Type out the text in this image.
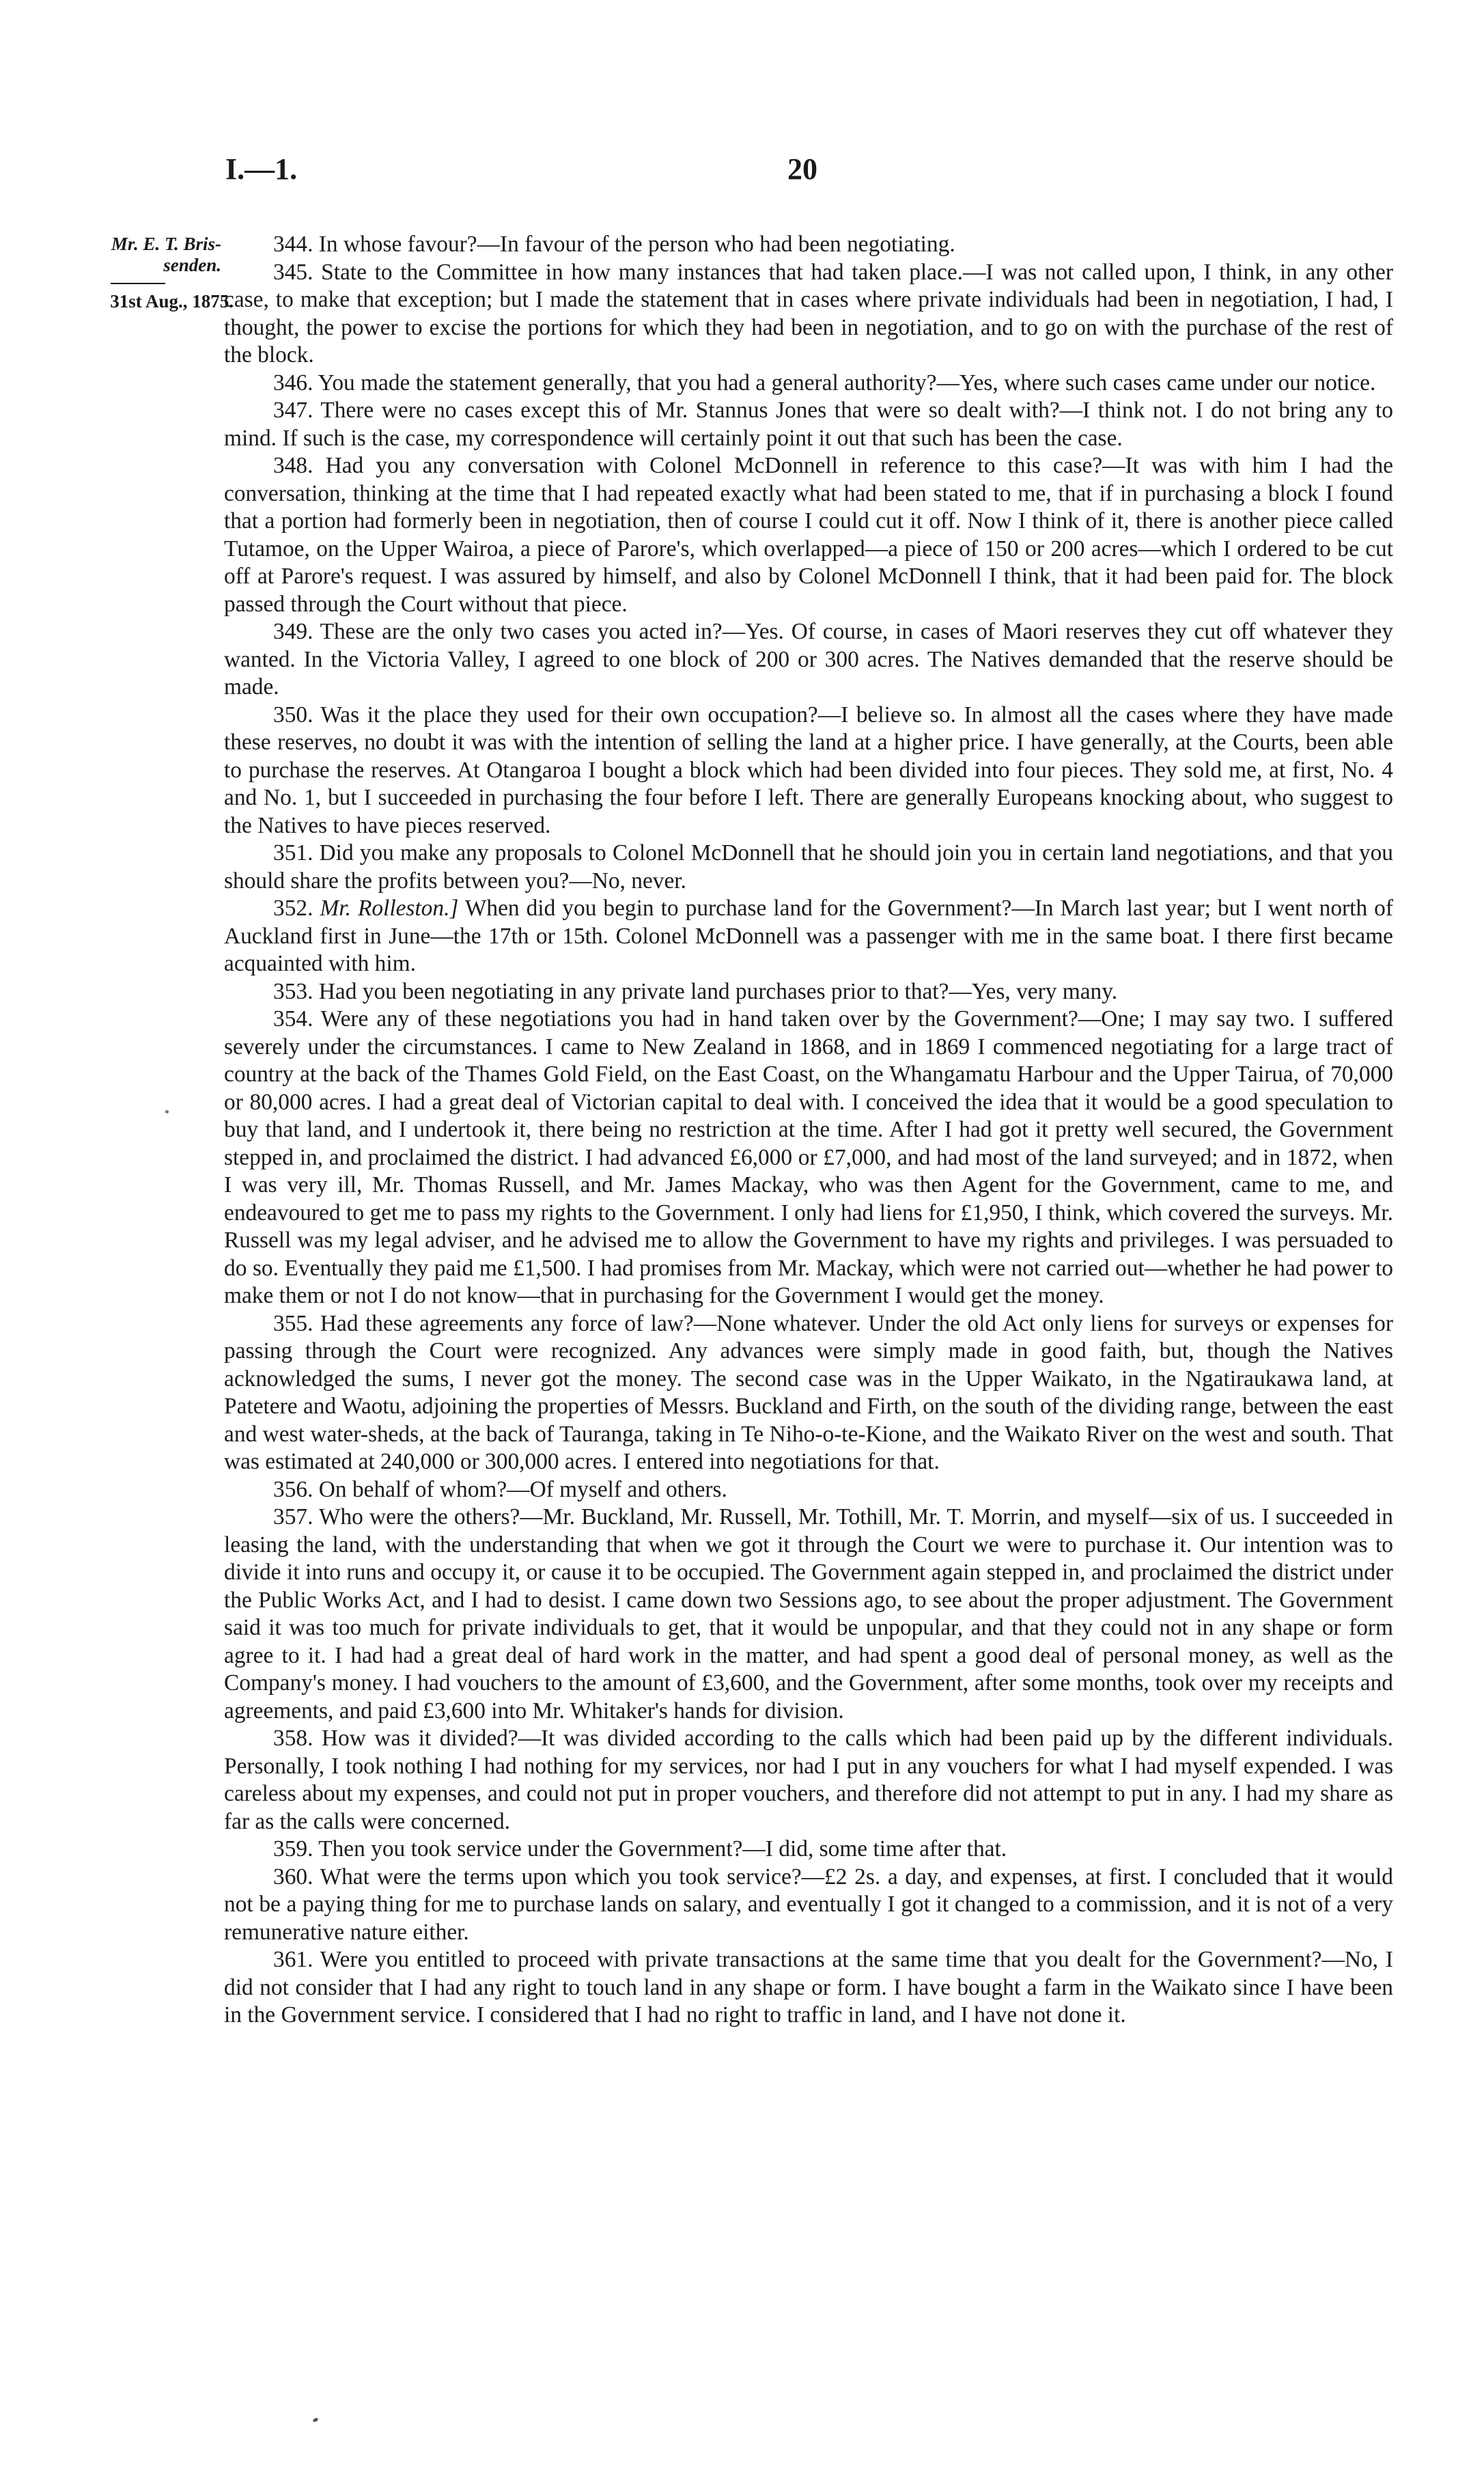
I.—1.	20
Mr. E. T. Bris-
senden.
31st Aug., 1875.

344. In whose favour?—In favour of the person who had been negotiating.

345. State to the Committee in how many instances that had taken place.—I was not called upon, I think, in any other case, to make that exception; but I made the statement that in cases where private individuals had been in negotiation, I had, I thought, the power to excise the portions for which they had been in negotiation, and to go on with the purchase of the rest of the block.

346. You made the statement generally, that you had a general authority?—Yes, where such cases came under our notice.

347. There were no cases except this of Mr. Stannus Jones that were so dealt with?—I think not. I do not bring any to mind. If such is the case, my correspondence will certainly point it out that such has been the case.

348. Had you any conversation with Colonel McDonnell in reference to this case?—It was with him I had the conversation, thinking at the time that I had repeated exactly what had been stated to me, that if in purchasing a block I found that a portion had formerly been in negotiation, then of course I could cut it off. Now I think of it, there is another piece called Tutamoe, on the Upper Wairoa, a piece of Parore's, which overlapped—a piece of 150 or 200 acres—which I ordered to be cut off at Parore's request. I was assured by himself, and also by Colonel McDonnell I think, that it had been paid for. The block passed through the Court without that piece.

349. These are the only two cases you acted in?—Yes. Of course, in cases of Maori reserves they cut off whatever they wanted. In the Victoria Valley, I agreed to one block of 200 or 300 acres. The Natives demanded that the reserve should be made.

350. Was it the place they used for their own occupation?—I believe so. In almost all the cases where they have made these reserves, no doubt it was with the intention of selling the land at a higher price. I have generally, at the Courts, been able to purchase the reserves. At Otangaroa I bought a block which had been divided into four pieces. They sold me, at first, No. 4 and No. 1, but I succeeded in purchasing the four before I left. There are generally Europeans knocking about, who suggest to the Natives to have pieces reserved.

351. Did you make any proposals to Colonel McDonnell that he should join you in certain land negotiations, and that you should share the profits between you?—No, never.

352. Mr. Rolleston.] When did you begin to purchase land for the Government?—In March last year; but I went north of Auckland first in June—the 17th or 15th. Colonel McDonnell was a passenger with me in the same boat. I there first became acquainted with him.

353. Had you been negotiating in any private land purchases prior to that?—Yes, very many.

354. Were any of these negotiations you had in hand taken over by the Government?—One; I may say two. I suffered severely under the circumstances. I came to New Zealand in 1868, and in 1869 I commenced negotiating for a large tract of country at the back of the Thames Gold Field, on the East Coast, on the Whangamatu Harbour and the Upper Tairua, of 70,000 or 80,000 acres. I had a great deal of Victorian capital to deal with. I conceived the idea that it would be a good speculation to buy that land, and I undertook it, there being no restriction at the time. After I had got it pretty well secured, the Government stepped in, and proclaimed the district. I had advanced £6,000 or £7,000, and had most of the land surveyed; and in 1872, when I was very ill, Mr. Thomas Russell, and Mr. James Mackay, who was then Agent for the Government, came to me, and endeavoured to get me to pass my rights to the Government. I only had liens for £1,950, I think, which covered the surveys. Mr. Russell was my legal adviser, and he advised me to allow the Government to have my rights and privileges. I was persuaded to do so. Eventually they paid me £1,500. I had promises from Mr. Mackay, which were not carried out—whether he had power to make them or not I do not know—that in purchasing for the Government I would get the money.

355. Had these agreements any force of law?—None whatever. Under the old Act only liens for surveys or expenses for passing through the Court were recognized. Any advances were simply made in good faith, but, though the Natives acknowledged the sums, I never got the money. The second case was in the Upper Waikato, in the Ngatiraukawa land, at Patetere and Waotu, adjoining the properties of Messrs. Buckland and Firth, on the south of the dividing range, between the east and west water-sheds, at the back of Tauranga, taking in Te Niho-o-te-Kione, and the Waikato River on the west and south. That was estimated at 240,000 or 300,000 acres. I entered into negotiations for that.

356. On behalf of whom?—Of myself and others.

357. Who were the others?—Mr. Buckland, Mr. Russell, Mr. Tothill, Mr. T. Morrin, and myself—six of us. I succeeded in leasing the land, with the understanding that when we got it through the Court we were to purchase it. Our intention was to divide it into runs and occupy it, or cause it to be occupied. The Government again stepped in, and proclaimed the district under the Public Works Act, and I had to desist. I came down two Sessions ago, to see about the proper adjustment. The Government said it was too much for private individuals to get, that it would be unpopular, and that they could not in any shape or form agree to it. I had had a great deal of hard work in the matter, and had spent a good deal of personal money, as well as the Company's money. I had vouchers to the amount of £3,600, and the Government, after some months, took over my receipts and agreements, and paid £3,600 into Mr. Whitaker's hands for division.

358. How was it divided?—It was divided according to the calls which had been paid up by the different individuals. Personally, I took nothing I had nothing for my services, nor had I put in any vouchers for what I had myself expended. I was careless about my expenses, and could not put in proper vouchers, and therefore did not attempt to put in any. I had my share as far as the calls were concerned.

359. Then you took service under the Government?—I did, some time after that.

360. What were the terms upon which you took service?—£2 2s. a day, and expenses, at first. I concluded that it would not be a paying thing for me to purchase lands on salary, and eventually I got it changed to a commission, and it is not of a very remunerative nature either.

361. Were you entitled to proceed with private transactions at the same time that you dealt for the Government?—No, I did not consider that I had any right to touch land in any shape or form. I have bought a farm in the Waikato since I have been in the Government service. I considered that I had no right to traffic in land, and I have not done it.
